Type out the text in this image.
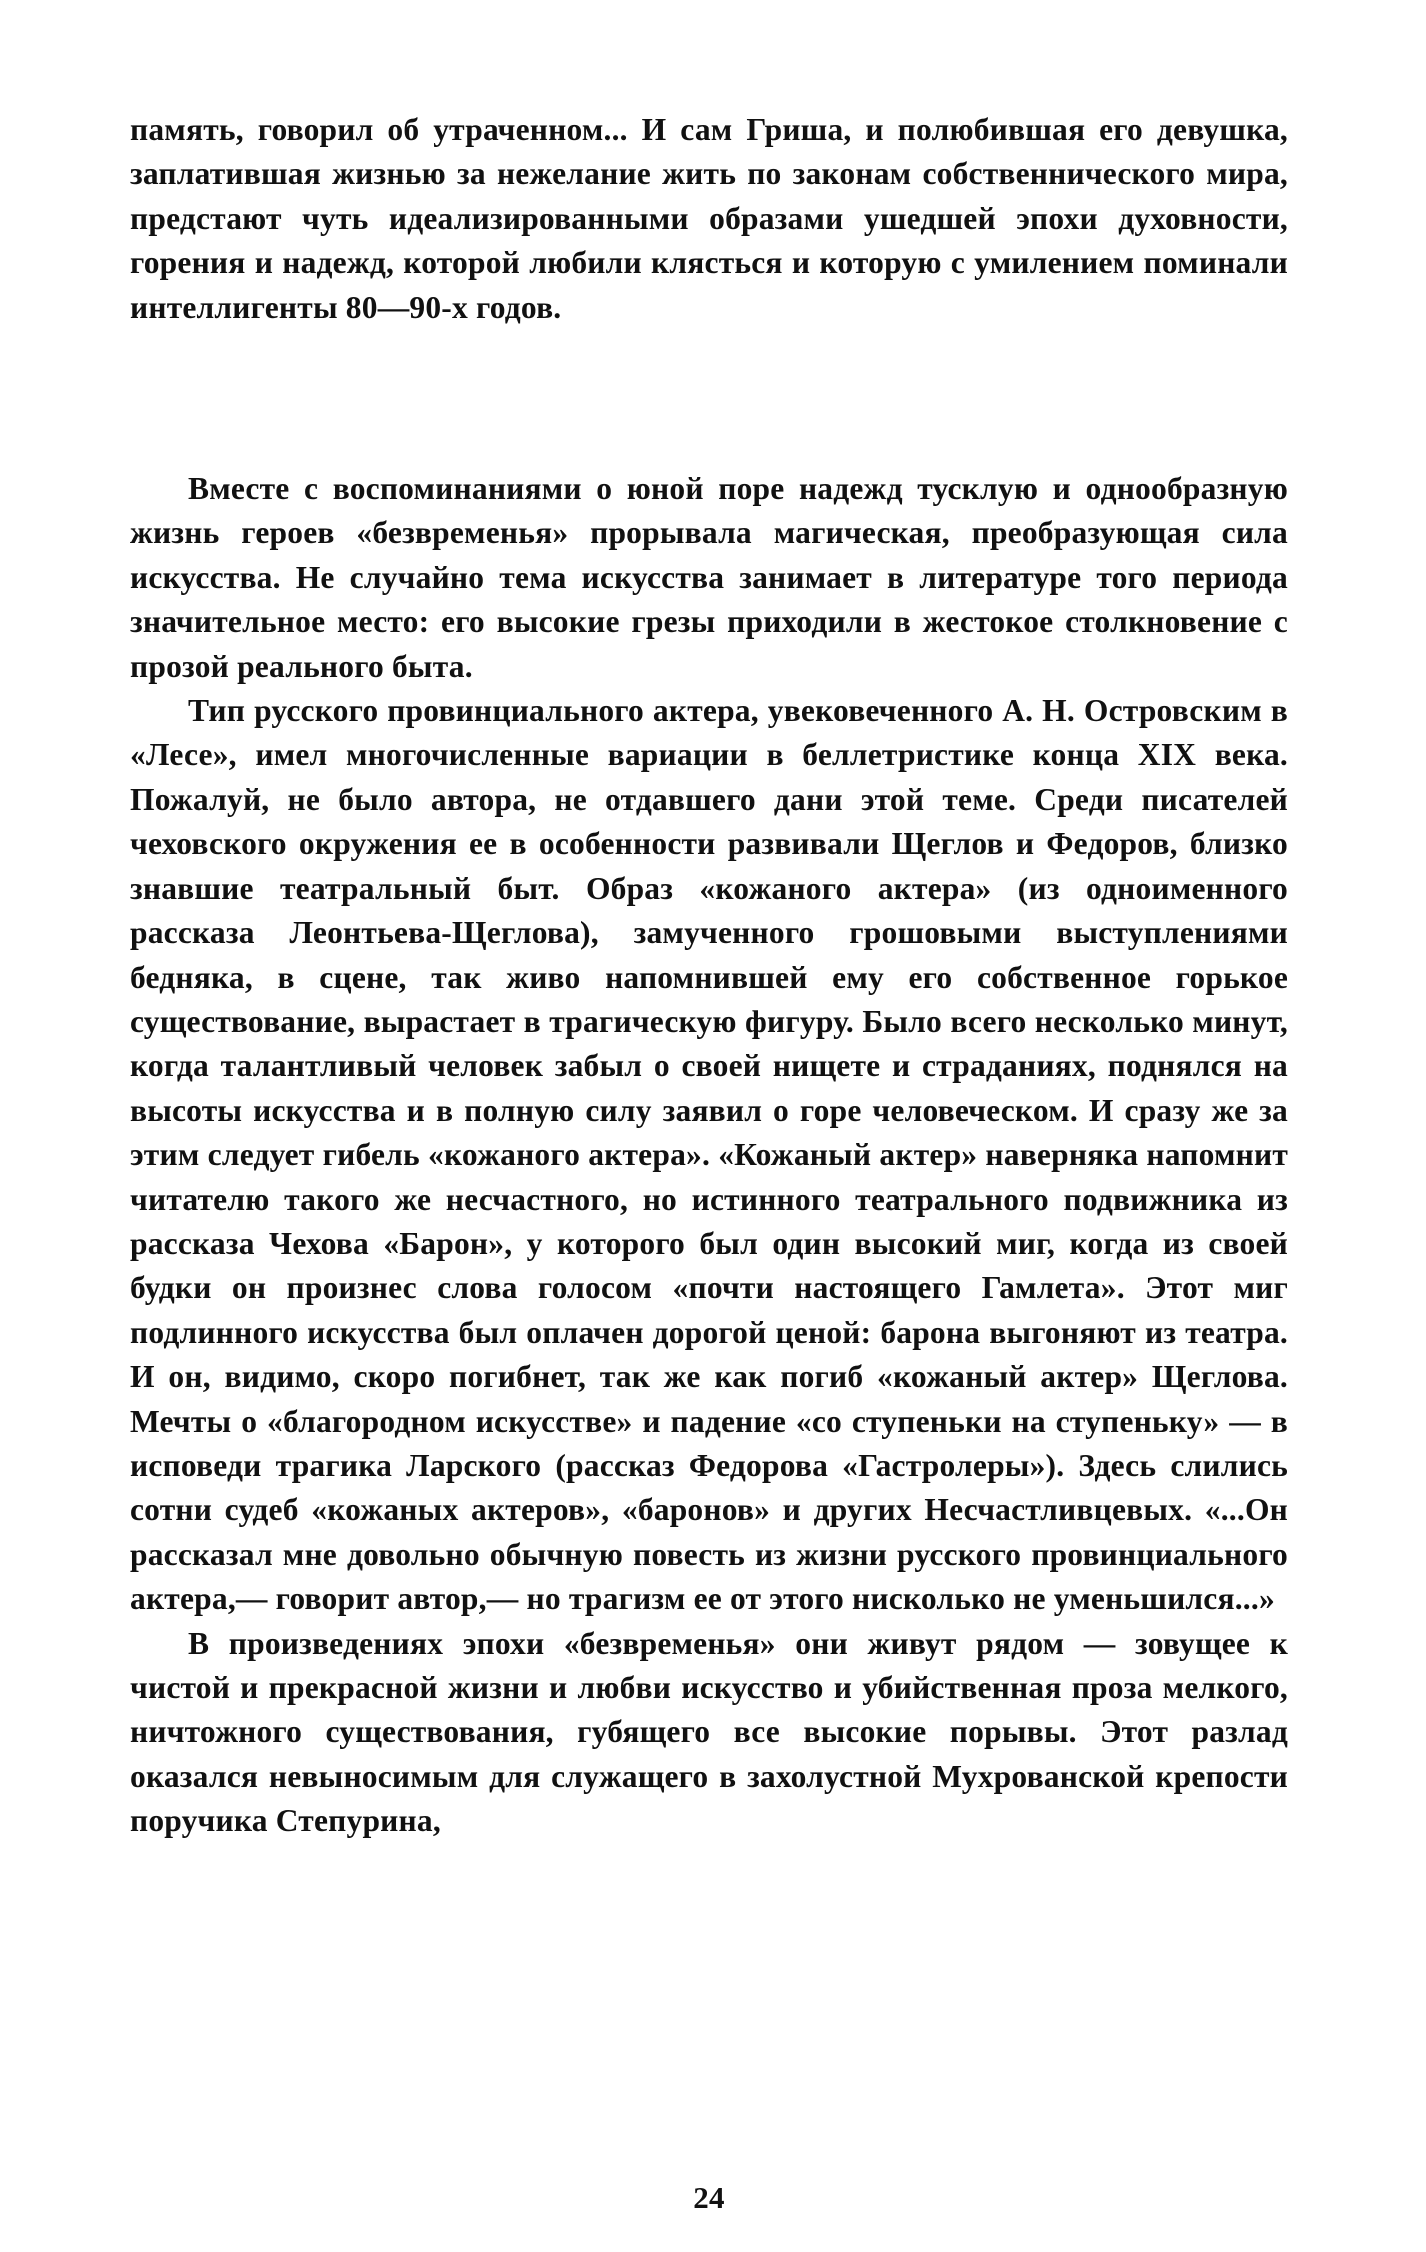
память, говорил об утраченном... И сам Гриша, и полюбившая его девушка, заплатившая жизнью за нежелание жить по законам собственнического мира, предстают чуть идеализированными образами ушедшей эпохи духовности, горения и надежд, которой любили клясться и которую с умилением поминали интеллигенты 80—90-х годов.

Вместе с воспоминаниями о юной поре надежд тусклую и однообразную жизнь героев «безвременья» прорывала магическая, преобразующая сила искусства. Не случайно тема искусства занимает в литературе того периода значительное место: его высокие грезы приходили в жестокое столкновение с прозой реального быта.

Тип русского провинциального актера, увековеченного А. Н. Островским в «Лесе», имел многочисленные вариации в беллетристике конца XIX века. Пожалуй, не было автора, не отдавшего дани этой теме. Среди писателей чеховского окружения ее в особенности развивали Щеглов и Федоров, близко знавшие театральный быт. Образ «кожаного актера» (из одноименного рассказа Леонтьева-Щеглова), замученного грошовыми выступлениями бедняка, в сцене, так живо напомнившей ему его собственное горькое существование, вырастает в трагическую фигуру. Было всего несколько минут, когда талантливый человек забыл о своей нищете и страданиях, поднялся на высоты искусства и в полную силу заявил о горе человеческом. И сразу же за этим следует гибель «кожаного актера». «Кожаный актер» наверняка напомнит читателю такого же несчастного, но истинного театрального подвижника из рассказа Чехова «Барон», у которого был один высокий миг, когда из своей будки он произнес слова голосом «почти настоящего Гамлета». Этот миг подлинного искусства был оплачен дорогой ценой: барона выгоняют из театра. И он, видимо, скоро погибнет, так же как погиб «кожаный актер» Щеглова. Мечты о «благородном искусстве» и падение «со ступеньки на ступеньку» — в исповеди трагика Ларского (рассказ Федорова «Гастролеры»). Здесь слились сотни судеб «кожаных актеров», «баронов» и других Несчастливцевых. «...Он рассказал мне довольно обычную повесть из жизни русского провинциального актера,— говорит автор,— но трагизм ее от этого нисколько не уменьшился...»

В произведениях эпохи «безвременья» они живут рядом — зовущее к чистой и прекрасной жизни и любви искусство и убийственная проза мелкого, ничтожного существования, губящего все высокие порывы. Этот разлад оказался невыносимым для служащего в захолустной Мухрованской крепости поручика Степурина,

24
